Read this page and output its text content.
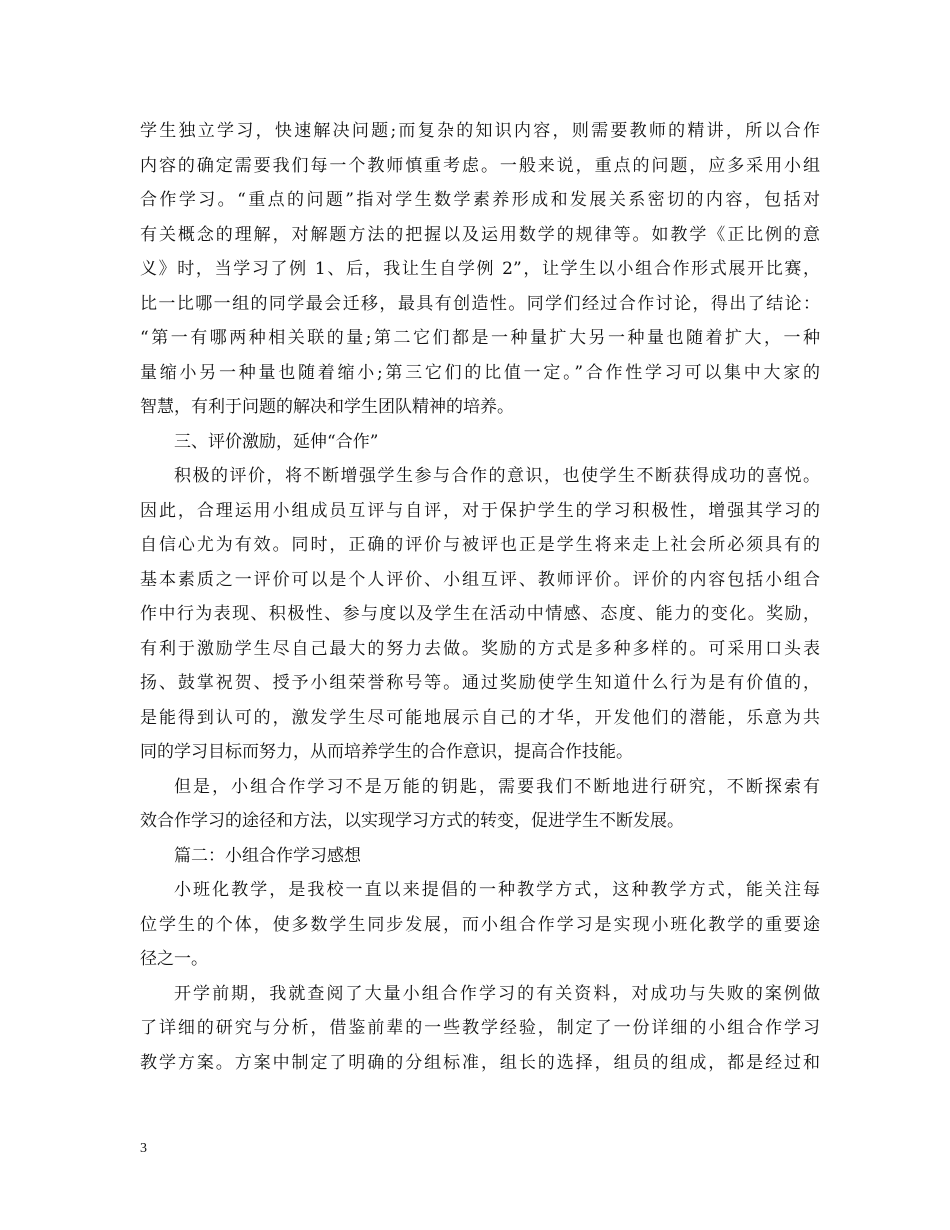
学生独立学习，快速解决问题;而复杂的知识内容，则需要教师的精讲，所以合作
内容的确定需要我们每一个教师慎重考虑。一般来说，重点的问题，应多采用小组
合作学习。“重点的问题”指对学生数学素养形成和发展关系密切的内容，包括对
有关概念的理解，对解题方法的把握以及运用数学的规律等。如教学《正比例的意
义》时，当学习了例 1、后，我让生自学例 2”，让学生以小组合作形式展开比赛，
比一比哪一组的同学最会迁移，最具有创造性。同学们经过合作讨论，得出了结论：
“第一有哪两种相关联的量;第二它们都是一种量扩大另一种量也随着扩大，一种
量缩小另一种量也随着缩小;第三它们的比值一定。”合作性学习可以集中大家的
智慧，有利于问题的解决和学生团队精神的培养。
三、评价激励，延伸“合作”
积极的评价，将不断增强学生参与合作的意识，也使学生不断获得成功的喜悦。
因此，合理运用小组成员互评与自评，对于保护学生的学习积极性，增强其学习的
自信心尤为有效。同时，正确的评价与被评也正是学生将来走上社会所必须具有的
基本素质之一评价可以是个人评价、小组互评、教师评价。评价的内容包括小组合
作中行为表现、积极性、参与度以及学生在活动中情感、态度、能力的变化。奖励，
有利于激励学生尽自己最大的努力去做。奖励的方式是多种多样的。可采用口头表
扬、鼓掌祝贺、授予小组荣誉称号等。通过奖励使学生知道什么行为是有价值的，
是能得到认可的，激发学生尽可能地展示自己的才华，开发他们的潜能，乐意为共
同的学习目标而努力，从而培养学生的合作意识，提高合作技能。
但是，小组合作学习不是万能的钥匙，需要我们不断地进行研究，不断探索有
效合作学习的途径和方法，以实现学习方式的转变，促进学生不断发展。
篇二：小组合作学习感想
小班化教学，是我校一直以来提倡的一种教学方式，这种教学方式，能关注每
位学生的个体，使多数学生同步发展，而小组合作学习是实现小班化教学的重要途
径之一。
开学前期，我就查阅了大量小组合作学习的有关资料，对成功与失败的案例做
了详细的研究与分析，借鉴前辈的一些教学经验，制定了一份详细的小组合作学习
教学方案。方案中制定了明确的分组标准，组长的选择，组员的组成，都是经过和
3
